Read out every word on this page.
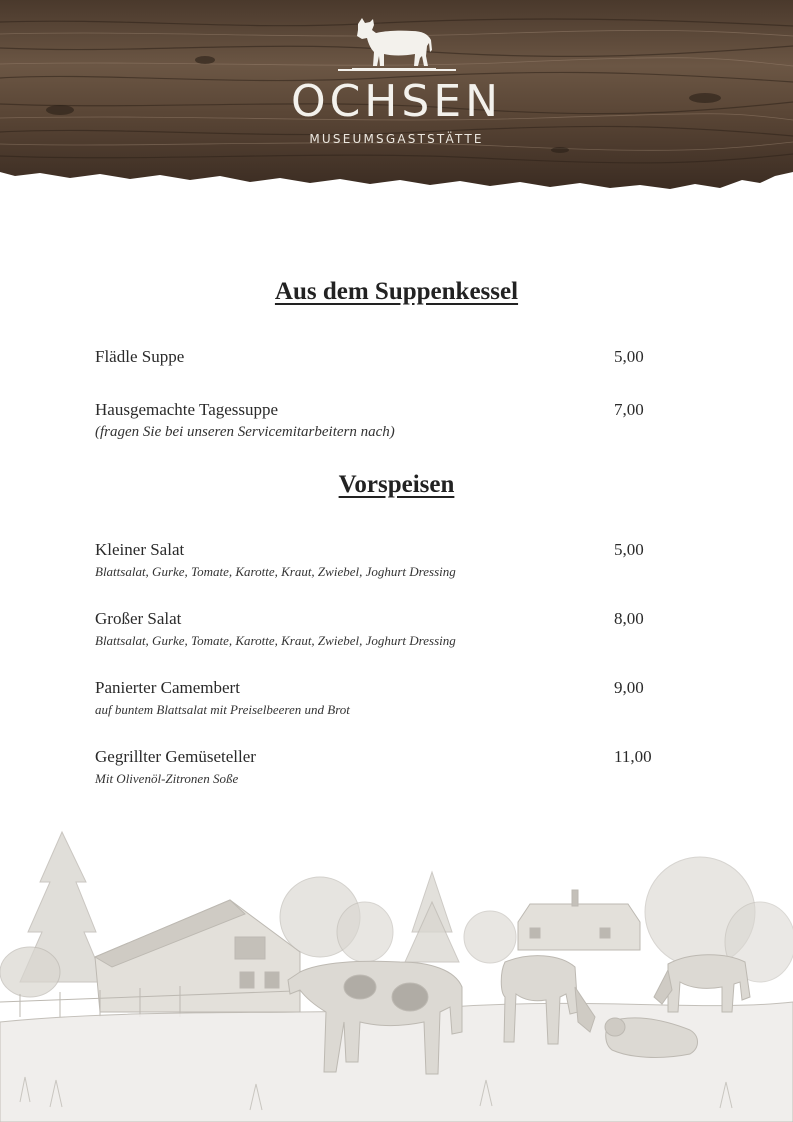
OCHSEN
MUSEUMSGASTSTÄTTE
Aus dem Suppenkessel
Flädle Suppe	5,00
Hausgemachte Tagessuppe	7,00
(fragen Sie bei unseren Servicemitarbeitern nach)
Vorspeisen
Kleiner Salat	5,00
Blattsalat, Gurke, Tomate, Karotte, Kraut, Zwiebel, Joghurt Dressing
Großer Salat	8,00
Blattsalat, Gurke, Tomate, Karotte, Kraut, Zwiebel, Joghurt Dressing
Panierter Camembert	9,00
auf buntem Blattsalat mit Preiselbeeren und Brot
Gegrillter Gemüseteller	11,00
Mit Olivenöl-Zitronen Soße
